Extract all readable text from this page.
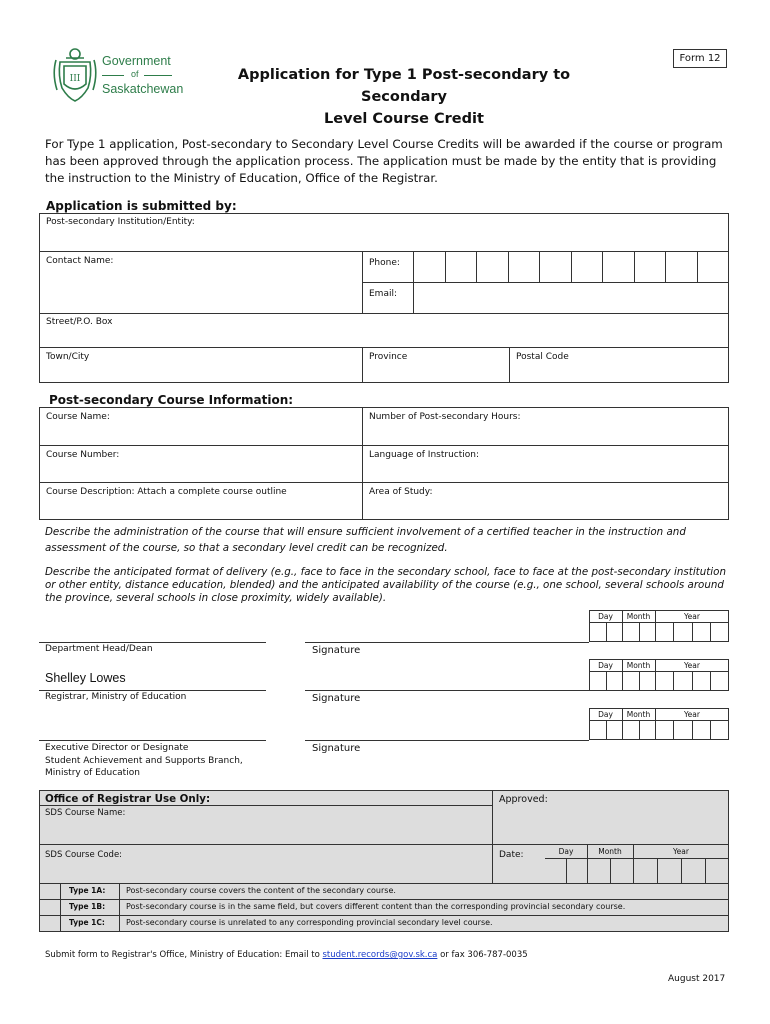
III
Government
of
Saskatchewan
Form 12
Application for Type 1 Post-secondary to Secondary
Level Course Credit
For Type 1 application, Post-secondary to Secondary Level Course Credits will be awarded if the course or program has been approved through the application process. The application must be made by the entity that is providing the instruction to the Ministry of Education, Office of the Registrar.
Application is submitted by:
Post-secondary Institution/Entity:
Contact Name:	Phone:
Email:
Street/P.O. Box
Town/City	Province	Postal Code
Post-secondary Course Information:
Course Name:	Number of Post-secondary Hours:
Course Number:	Language of Instruction:
Course Description: Attach a complete course outline	Area of Study:
Describe the administration of the course that will ensure sufficient involvement of a certified teacher in the instruction and assessment of the course, so that a secondary level credit can be recognized.
Describe the anticipated format of delivery (e.g., face to face in the secondary school, face to face at the post-secondary institution or other entity, distance education, blended) and the anticipated availability of the course (e.g., one school, several schools around the province, several schools in close proximity, widely available).
Day	Month	Year
Department Head/Dean	Signature
Day	Month	Year
Shelley Lowes
Registrar, Ministry of Education	Signature
Day	Month	Year
Executive Director or Designate
Student Achievement and Supports Branch,
Ministry of Education
Signature
Office of Registrar Use Only:
SDS Course Name:
Approved:
SDS Course Code:	Date:	Day	Month	Year
Type 1A:	Post-secondary course covers the content of the secondary course.
Type 1B:	Post-secondary course is in the same field, but covers different content than the corresponding provincial secondary course.
Type 1C:	Post-secondary course is unrelated to any corresponding provincial secondary level course.
Submit form to Registrar's Office, Ministry of Education: Email to student.records@gov.sk.ca or fax 306-787-0035
August 2017
